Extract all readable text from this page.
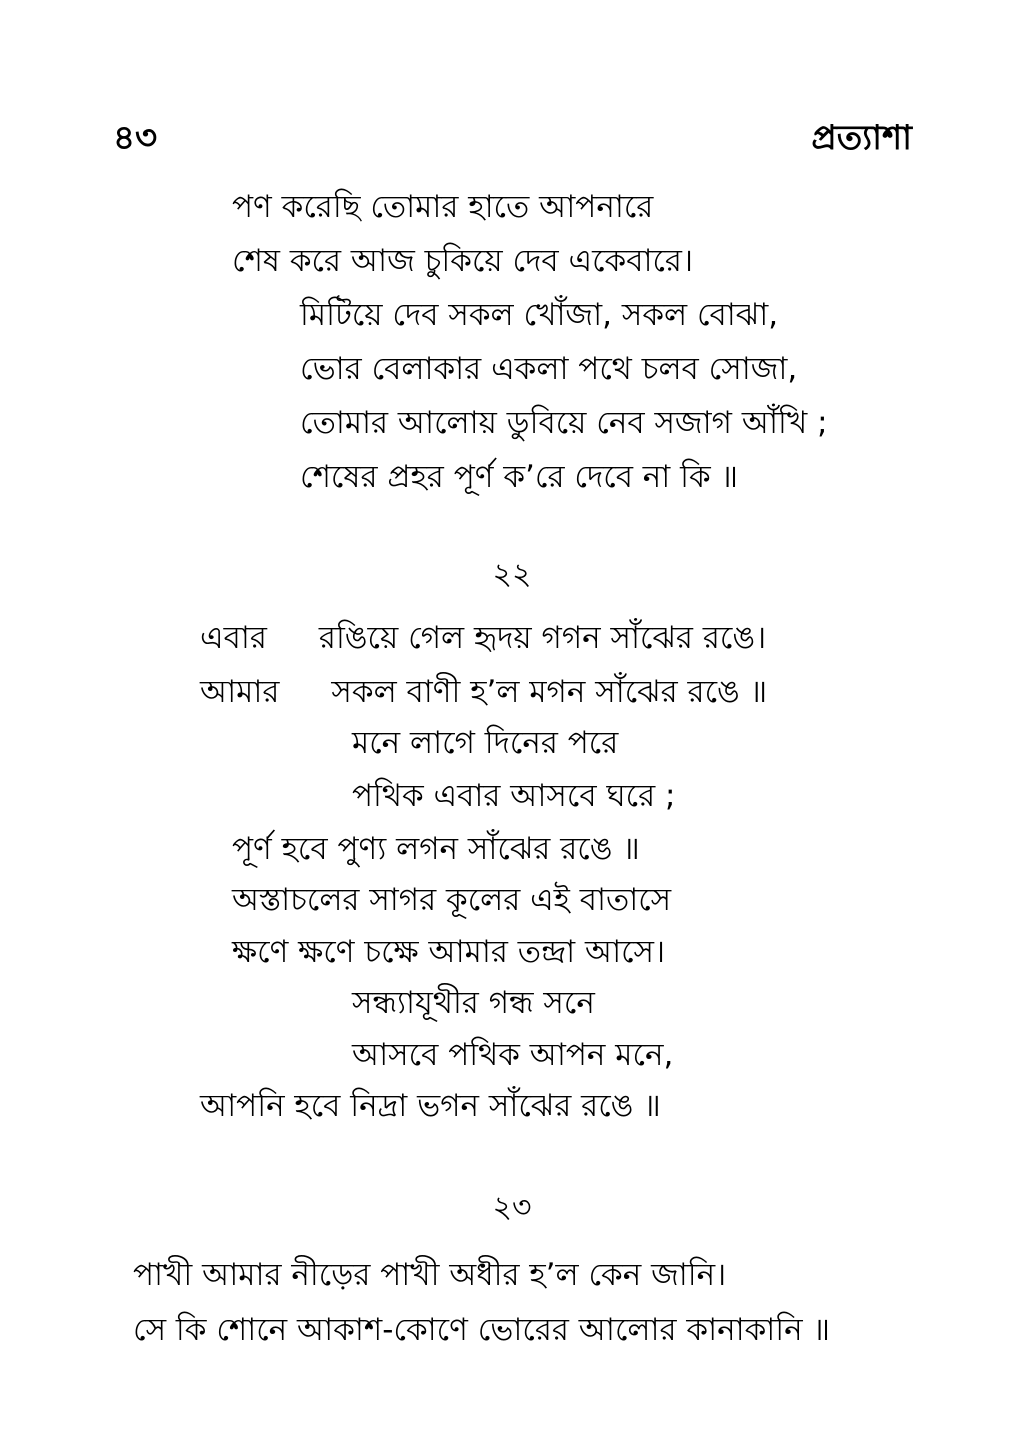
৪৩	প্রত্যাশা
পণ করেছি তোমার হাতে আপনারে
শেষ করে আজ চুকিয়ে দেব একেবারে।
মিটিয়ে দেব সকল খোঁজা, সকল বোঝা,
ভোর বেলাকার একলা পথে চলব সোজা,
তোমার আলোয় ডুবিয়ে নেব সজাগ আঁখি ;
শেষের প্রহর পূর্ণ ক’রে দেবে না কি ॥
২২
এবার রঙিয়ে গেল হৃদয় গগন সাঁঝের রঙে।
আমার সকল বাণী হ’ল মগন সাঁঝের রঙে ॥
মনে লাগে দিনের পরে
পথিক এবার আসবে ঘরে ;
পূর্ণ হবে পুণ্য লগন সাঁঝের রঙে ॥
অস্তাচলের সাগর কূলের এই বাতাসে
ক্ষণে ক্ষণে চক্ষে আমার তন্দ্রা আসে।
সন্ধ্যাযূথীর গন্ধ সনে
আসবে পথিক আপন মনে,
আপনি হবে নিদ্রা ভগন সাঁঝের রঙে ॥
২৩
পাখী আমার নীড়ের পাখী অধীর হ’ল কেন জানি।
সে কি শোনে আকাশ-কোণে ভোরের আলোর কানাকানি ॥
